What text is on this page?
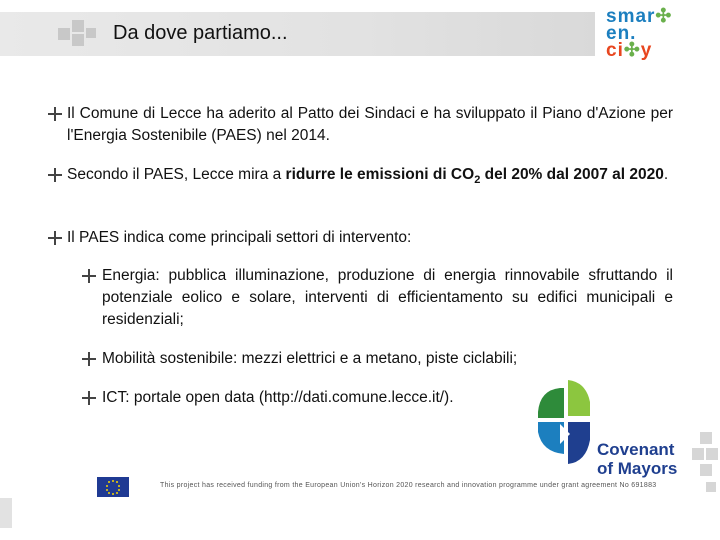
Da dove partiamo...
smar✣
en.
ci✣y
Il Comune di Lecce ha aderito al Patto dei Sindaci e ha sviluppato il Piano d'Azione per l'Energia Sostenibile (PAES) nel 2014.
Secondo il PAES, Lecce mira a ridurre le emissioni di $CO_2$ del 20% dal 2007 al 2020.
Il PAES indica come principali settori di intervento:
Energia: pubblica illuminazione, produzione di energia rinnovabile sfruttando il potenziale eolico e solare, interventi di efficientamento su edifici municipali e residenziali;
Mobilità sostenibile: mezzi elettrici e a metano, piste ciclabili;
ICT: portale open data (http://dati.comune.lecce.it/).
Covenant
of Mayors
This project has received funding from the European Union's Horizon 2020 research and innovation programme under grant agreement No 691883
